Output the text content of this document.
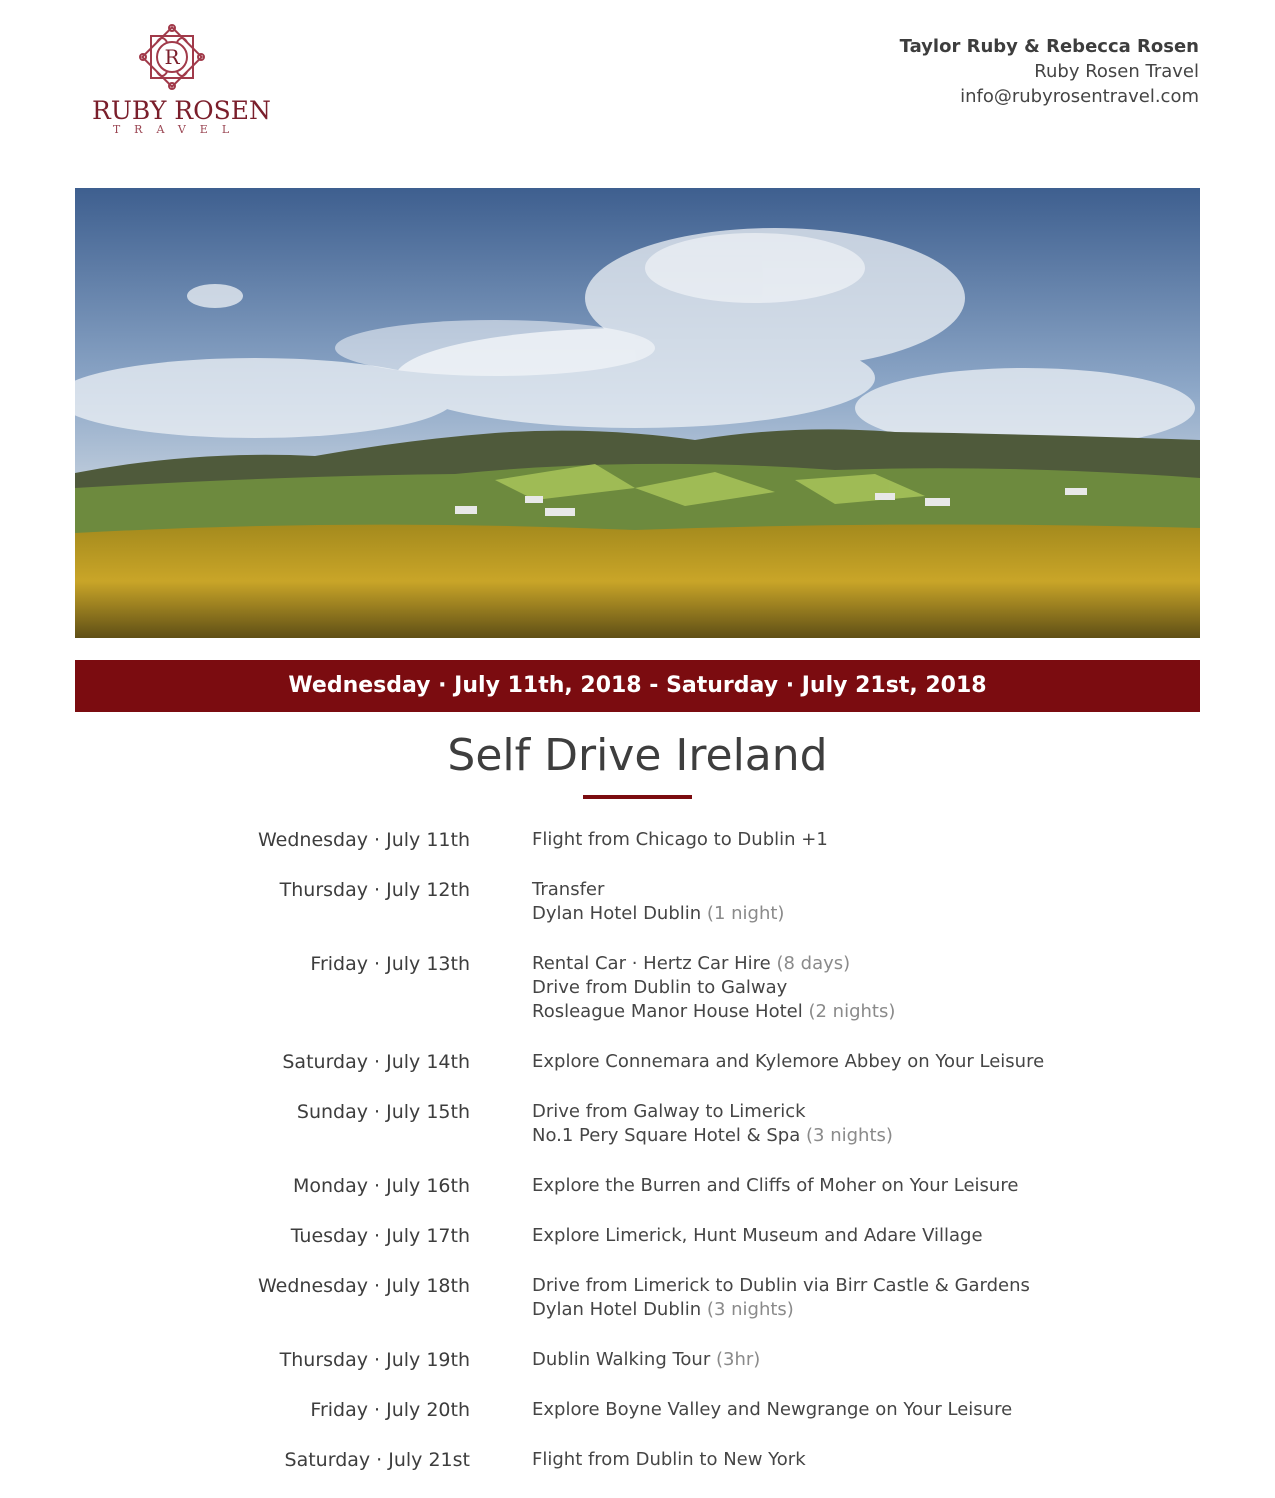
R
RUBY ROSEN
TRAVEL
Taylor Ruby & Rebecca Rosen
Ruby Rosen Travel
info@rubyrosentravel.com
Wednesday · July 11th, 2018 - Saturday · July 21st, 2018
Self Drive Ireland
Wednesday · July 11th	Flight from Chicago to Dublin +1
Thursday · July 12th	Transfer
Dylan Hotel Dublin (1 night)
Friday · July 13th	Rental Car · Hertz Car Hire (8 days)
Drive from Dublin to Galway
Rosleague Manor House Hotel (2 nights)
Saturday · July 14th	Explore Connemara and Kylemore Abbey on Your Leisure
Sunday · July 15th	Drive from Galway to Limerick
No.1 Pery Square Hotel & Spa (3 nights)
Monday · July 16th	Explore the Burren and Cliffs of Moher on Your Leisure
Tuesday · July 17th	Explore Limerick, Hunt Museum and Adare Village
Wednesday · July 18th	Drive from Limerick to Dublin via Birr Castle & Gardens
Dylan Hotel Dublin (3 nights)
Thursday · July 19th	Dublin Walking Tour (3hr)
Friday · July 20th	Explore Boyne Valley and Newgrange on Your Leisure
Saturday · July 21st	Flight from Dublin to New York
